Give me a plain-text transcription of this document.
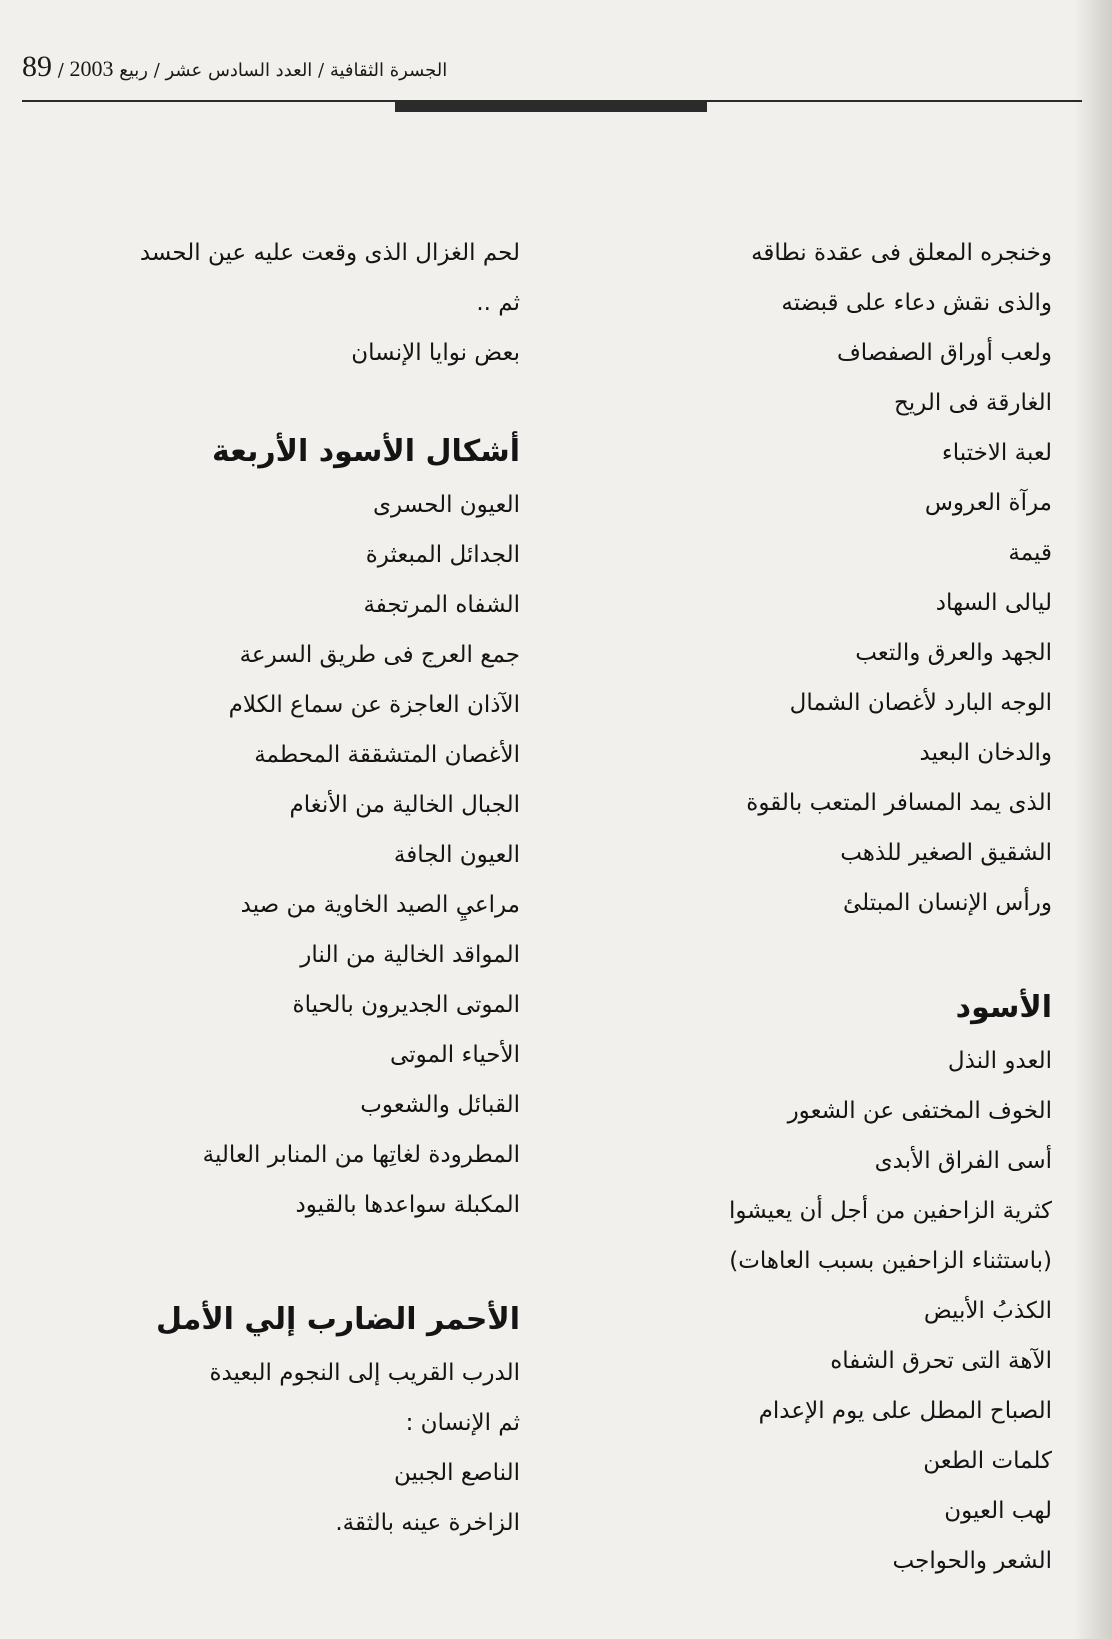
89 / 2003 الجسرة الثقافية / العدد السادس عشر / ربيع

وخنجره المعلق فى عقدة نطاقه
والذى نقش دعاء على قبضته
ولعب أوراق الصفصاف
الغارقة فى الريح
لعبة الاختباء
مرآة العروس
قيمة
ليالى السهاد
الجهد والعرق والتعب
الوجه البارد لأغصان الشمال
والدخان البعيد
الذى يمد المسافر المتعب بالقوة
الشقيق الصغير للذهب
ورأس الإنسان المبتلئ
الأسود
العدو النذل
الخوف المختفى عن الشعور
أسى الفراق الأبدى
كثرية الزاحفين من أجل أن يعيشوا
(باستثناء الزاحفين بسبب العاهات)
الكذبُ الأبيض
الآهة التى تحرق الشفاه
الصباح المطل على يوم الإعدام
كلمات الطعن
لهب العيون
الشعر والحواجب
لحم الغزال الذى وقعت عليه عين الحسد
ثم ..
بعض نوايا الإنسان
أشكال الأسود الأربعة
العيون الحسرى
الجدائل المبعثرة
الشفاه المرتجفة
جمع العرج فى طريق السرعة
الآذان العاجزة عن سماع الكلام
الأغصان المتشققة المحطمة
الجبال الخالية من الأنغام
العيون الجافة
مراعيِ الصيد الخاوية من صيد
المواقد الخالية من النار
الموتى الجديرون بالحياة
الأحياء الموتى
القبائل والشعوب
المطرودة لغاتِها من المنابر العالية
المكبلة سواعدها بالقيود
الأحمر الضارب إلي الأمل
الدرب القريب إلى النجوم البعيدة
ثم الإنسان :
الناصع الجبين
الزاخرة عينه بالثقة.
